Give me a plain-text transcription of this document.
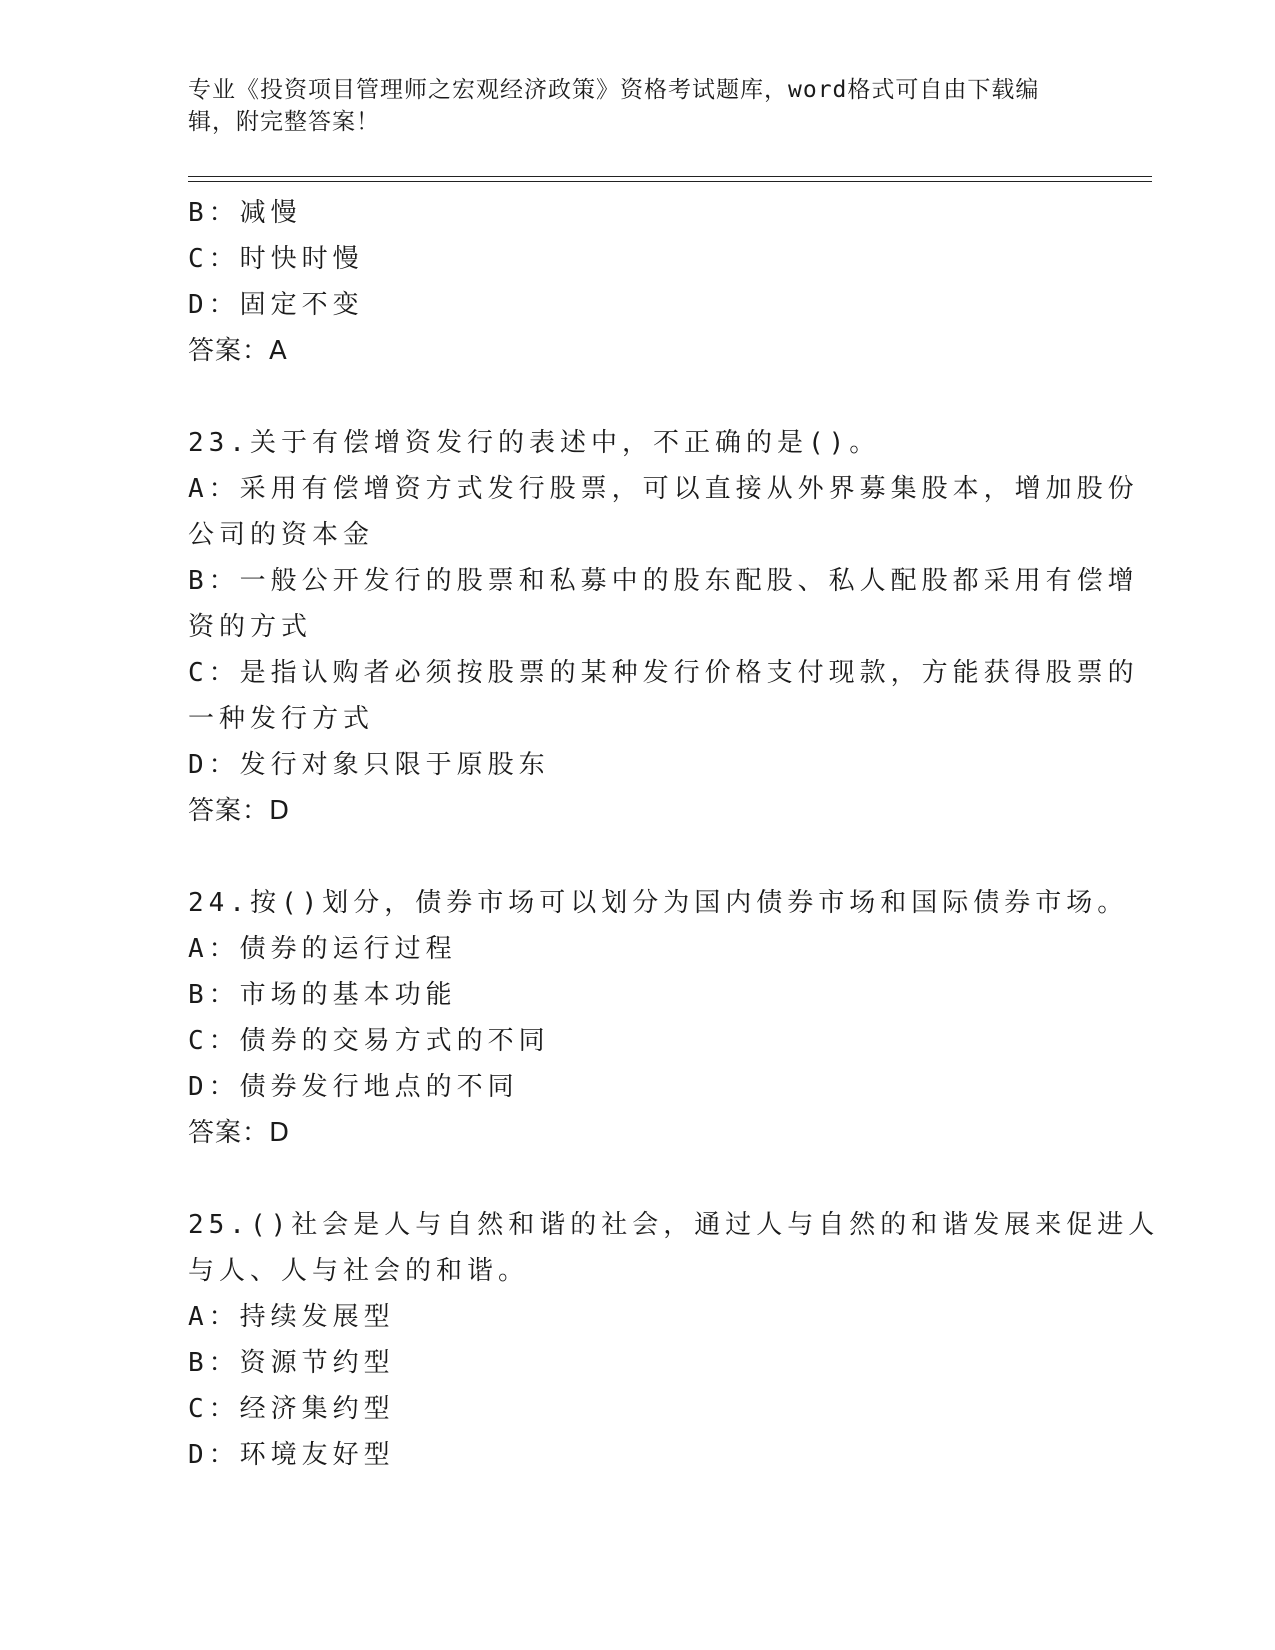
专业《投资项目管理师之宏观经济政策》资格考试题库，word格式可自由下载编
辑，附完整答案！
B：减慢
C：时快时慢
D：固定不变
答案：A
23.关于有偿增资发行的表述中，不正确的是()。
A：采用有偿增资方式发行股票，可以直接从外界募集股本，增加股份
公司的资本金
B：一般公开发行的股票和私募中的股东配股、私人配股都采用有偿增
资的方式
C：是指认购者必须按股票的某种发行价格支付现款，方能获得股票的
一种发行方式
D：发行对象只限于原股东
答案：D
24.按()划分，债券市场可以划分为国内债券市场和国际债券市场。
A：债券的运行过程
B：市场的基本功能
C：债券的交易方式的不同
D：债券发行地点的不同
答案：D
25.()社会是人与自然和谐的社会，通过人与自然的和谐发展来促进人
与人、人与社会的和谐。
A：持续发展型
B：资源节约型
C：经济集约型
D：环境友好型
